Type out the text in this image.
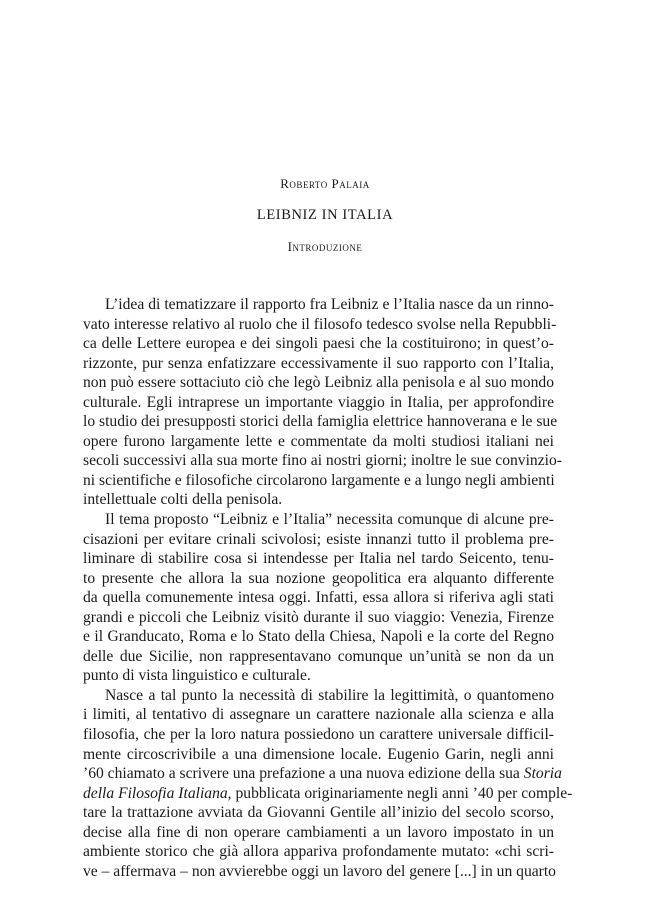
Roberto Palaia
LEIBNIZ IN ITALIA
Introduzione

L’idea di tematizzare il rapporto fra Leibniz e l’Italia nasce da un rinno-
vato interesse relativo al ruolo che il filosofo tedesco svolse nella Repubbli-
ca delle Lettere europea e dei singoli paesi che la costituirono; in quest’o-
rizzonte, pur senza enfatizzare eccessivamente il suo rapporto con l’Italia,
non può essere sottaciuto ciò che legò Leibniz alla penisola e al suo mondo
culturale. Egli intraprese un importante viaggio in Italia, per approfondire
lo studio dei presupposti storici della famiglia elettrice hannoverana e le sue
opere furono largamente lette e commentate da molti studiosi italiani nei
secoli successivi alla sua morte fino ai nostri giorni; inoltre le sue convinzio-
ni scientifiche e filosofiche circolarono largamente e a lungo negli ambienti
intellettuale colti della penisola.

Il tema proposto “Leibniz e l’Italia” necessita comunque di alcune pre-
cisazioni per evitare crinali scivolosi; esiste innanzi tutto il problema pre-
liminare di stabilire cosa si intendesse per Italia nel tardo Seicento, tenu-
to presente che allora la sua nozione geopolitica era alquanto differente
da quella comunemente intesa oggi. Infatti, essa allora si riferiva agli stati
grandi e piccoli che Leibniz visitò durante il suo viaggio: Venezia, Firenze
e il Granducato, Roma e lo Stato della Chiesa, Napoli e la corte del Regno
delle due Sicilie, non rappresentavano comunque un’unità se non da un
punto di vista linguistico e culturale.

Nasce a tal punto la necessità di stabilire la legittimità, o quantomeno
i limiti, al tentativo di assegnare un carattere nazionale alla scienza e alla
filosofia, che per la loro natura possiedono un carattere universale difficil-
mente circoscrivibile a una dimensione locale. Eugenio Garin, negli anni
’60 chiamato a scrivere una prefazione a una nuova edizione della sua Storia
della Filosofia Italiana, pubblicata originariamente negli anni ’40 per comple-
tare la trattazione avviata da Giovanni Gentile all’inizio del secolo scorso,
decise alla fine di non operare cambiamenti a un lavoro impostato in un
ambiente storico che già allora appariva profondamente mutato: «chi scri-
ve – affermava – non avvierebbe oggi un lavoro del genere [...] in un quarto
